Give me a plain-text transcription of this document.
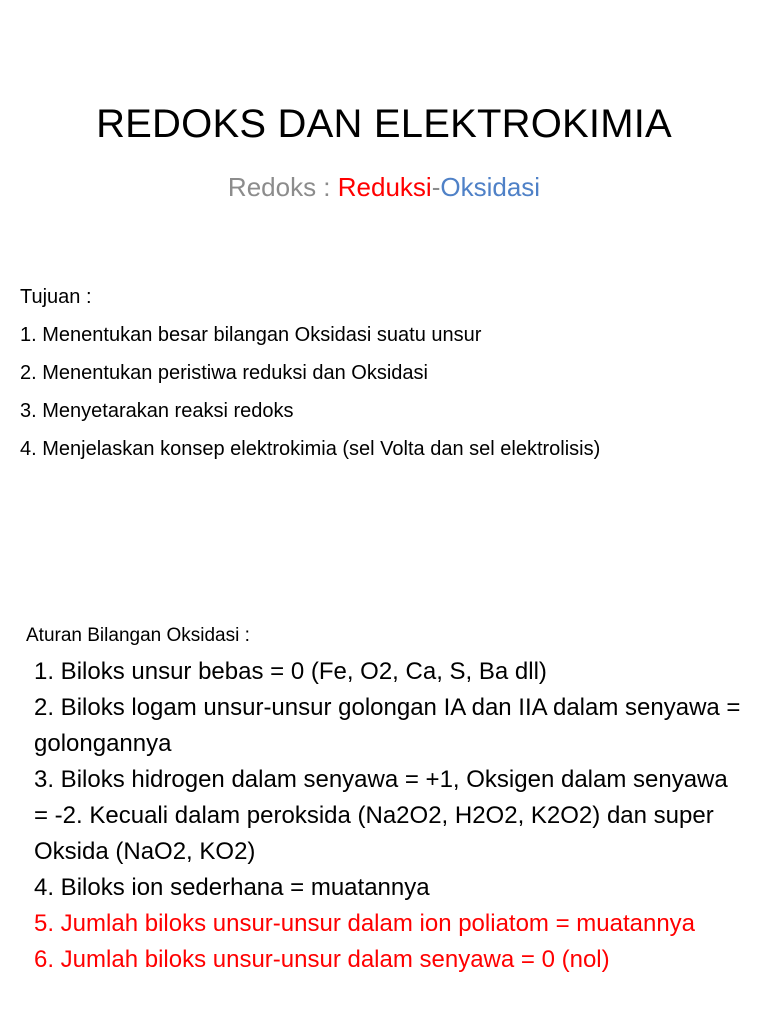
REDOKS DAN ELEKTROKIMIA
Redoks : Reduksi-Oksidasi
Tujuan :
1. Menentukan besar bilangan Oksidasi suatu unsur
2. Menentukan peristiwa reduksi dan Oksidasi
3. Menyetarakan reaksi redoks
4. Menjelaskan konsep elektrokimia (sel Volta dan sel elektrolisis)
Aturan Bilangan Oksidasi :
1. Biloks unsur bebas = 0 (Fe, O2, Ca, S, Ba dll)
2. Biloks logam unsur-unsur golongan IA dan IIA dalam senyawa = golongannya
3. Biloks hidrogen dalam senyawa = +1, Oksigen dalam senyawa = -2. Kecuali dalam peroksida (Na2O2, H2O2, K2O2) dan super Oksida (NaO2, KO2)
4. Biloks ion sederhana = muatannya
5. Jumlah biloks unsur-unsur dalam ion poliatom = muatannya
6. Jumlah biloks unsur-unsur dalam senyawa = 0 (nol)
